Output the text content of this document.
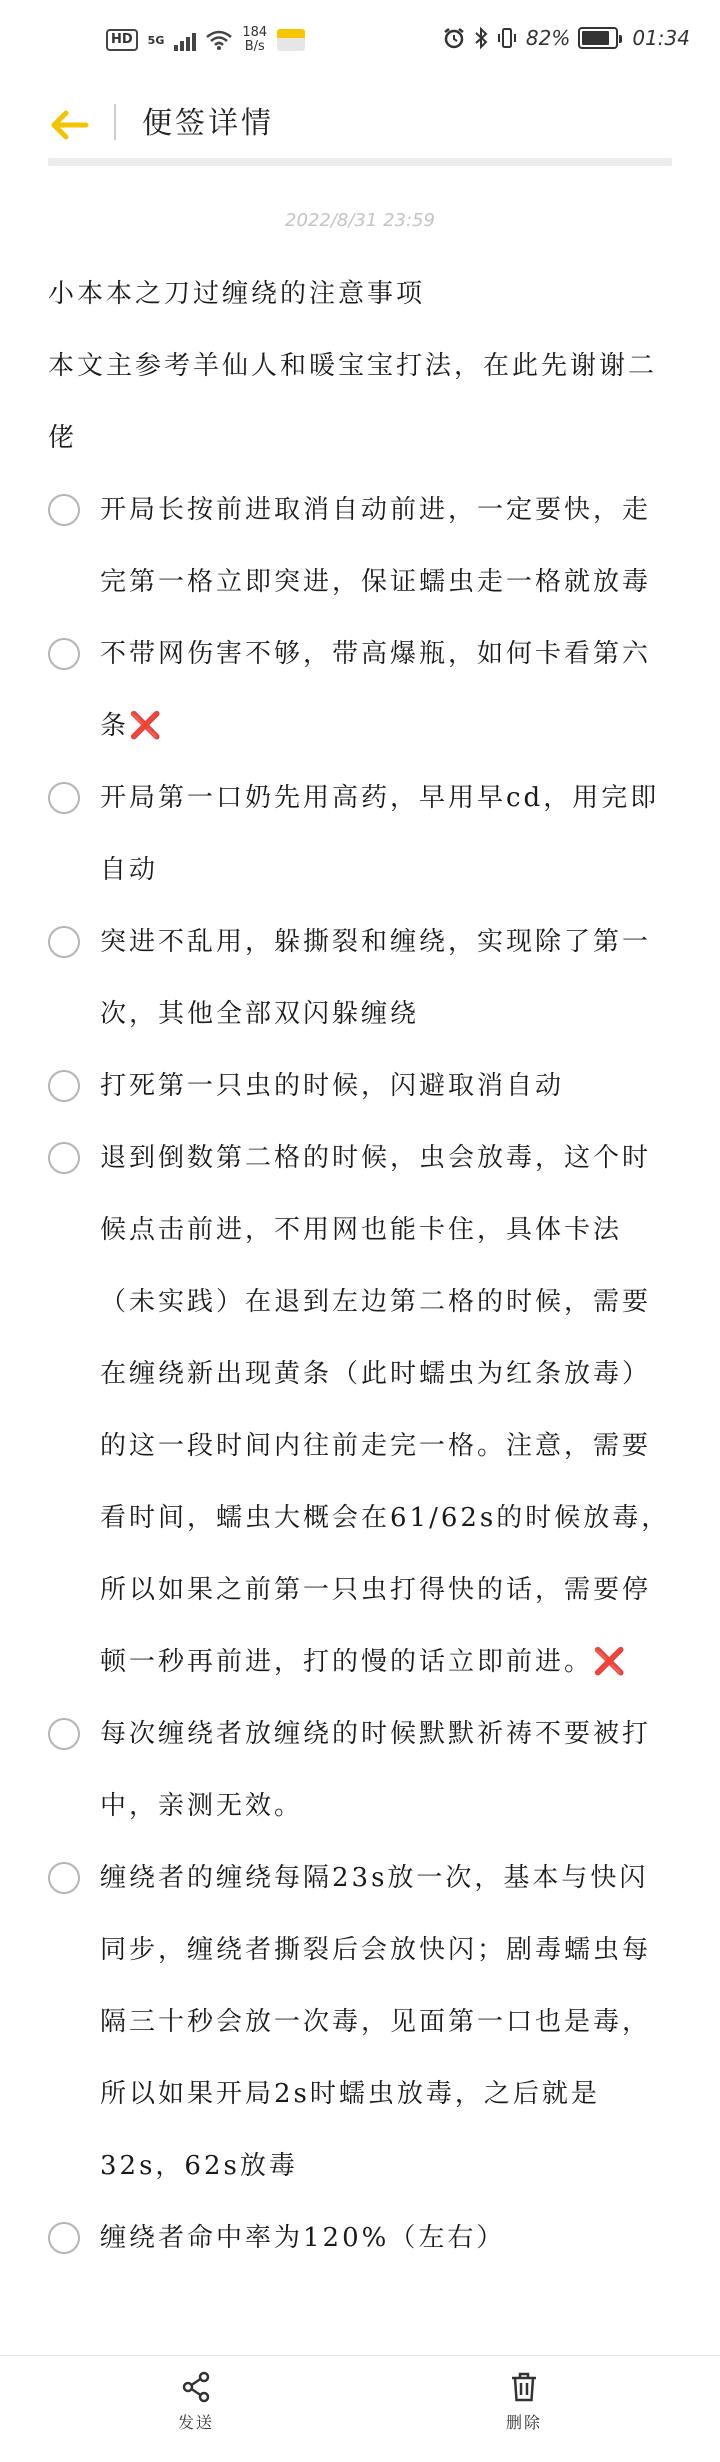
HD	5G	184
B/s	82%	01:34
便签详情
2022/8/31 23:59

小本本之刀过缠绕的注意事项

本文主参考羊仙人和暖宝宝打法，在此先谢谢二佬

开局长按前进取消自动前进，一定要快，走完第一格立即突进，保证蠕虫走一格就放毒
不带网伤害不够，带高爆瓶，如何卡看第六条❌
开局第一口奶先用高药，早用早cd，用完即自动
突进不乱用，躲撕裂和缠绕，实现除了第一次，其他全部双闪躲缠绕
打死第一只虫的时候，闪避取消自动
退到倒数第二格的时候，虫会放毒，这个时候点击前进，不用网也能卡住，具体卡法（未实践）在退到左边第二格的时候，需要在缠绕新出现黄条（此时蠕虫为红条放毒）的这一段时间内往前走完一格。注意，需要看时间，蠕虫大概会在61/62s的时候放毒，所以如果之前第一只虫打得快的话，需要停顿一秒再前进，打的慢的话立即前进。❌
每次缠绕者放缠绕的时候默默祈祷不要被打中，亲测无效。
缠绕者的缠绕每隔23s放一次，基本与快闪同步，缠绕者撕裂后会放快闪；剧毒蠕虫每隔三十秒会放一次毒，见面第一口也是毒，所以如果开局2s时蠕虫放毒，之后就是32s，62s放毒
缠绕者命中率为120%（左右）
发送	删除
